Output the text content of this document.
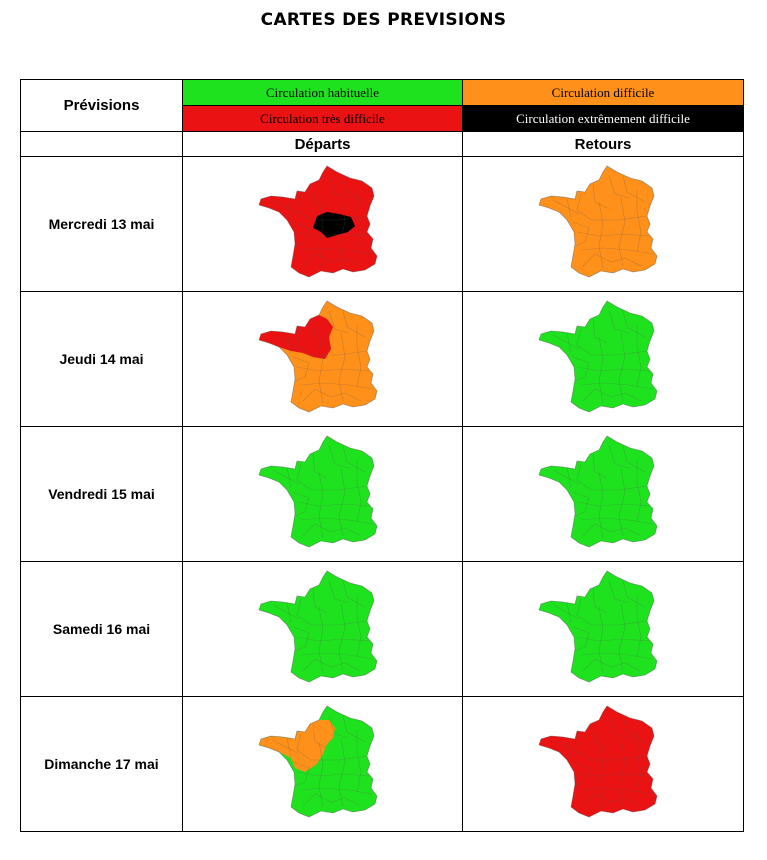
CARTES DES PREVISIONS
Prévisions	Circulation habituelle	Circulation difficile
	Circulation très difficile	Circulation extrêmement difficile
	Départs	Retours
Mercredi 13 mai	

Jeudi 14 mai	

Vendredi 15 mai	

Samedi 16 mai	

Dimanche 17 mai	
